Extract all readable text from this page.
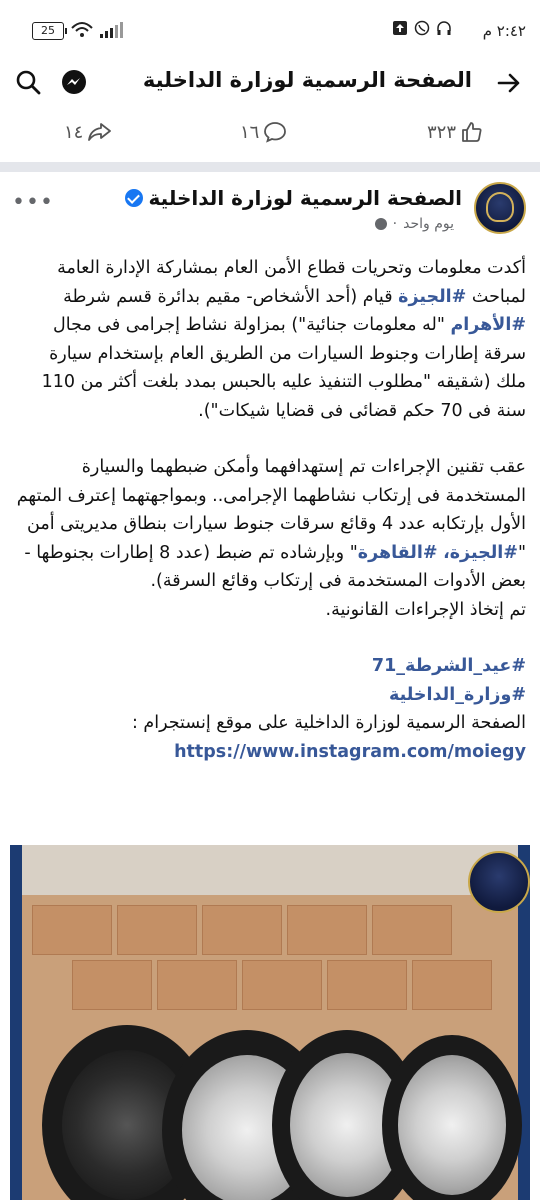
٢:٤٢ م
25
الصفحة الرسمية لوزارة الداخلية
٣٢٣
١٦
١٤
الصفحة الرسمية لوزارة الداخلية
يوم واحد
·
•••

أكدت معلومات وتحريات قطاع الأمن العام بمشاركة الإدارة العامة لمباحث #الجيزة قيام (أحد الأشخاص- مقيم بدائرة قسم شرطة #الأهرام "له معلومات جنائية") بمزاولة نشاط إجرامى فى مجال سرقة إطارات وجنوط السيارات من الطريق العام بإستخدام سيارة ملك (شقيقه "مطلوب التنفيذ عليه بالحبس بمدد بلغت أكثر من 110 سنة فى 70 حكم قضائى فى قضايا شيكات").

عقب تقنين الإجراءات تم إستهدافهما وأمكن ضبطهما والسيارة المستخدمة فى إرتكاب نشاطهما الإجرامى.. وبمواجهتهما إعترف المتهم الأول بإرتكابه عدد 4 وقائع سرقات جنوط سيارات بنطاق مديريتى أمن "#الجيزة، #القاهرة" وبإرشاده تم ضبط (عدد 8 إطارات بجنوطها - بعض الأدوات المستخدمة فى إرتكاب وقائع السرقة).
تم إتخاذ الإجراءات القانونية.

#عيد_الشرطة_71
#وزارة_الداخلية
الصفحة الرسمية لوزارة الداخلية على موقع إنستجرام :
https://www.instagram.com/moiegy
